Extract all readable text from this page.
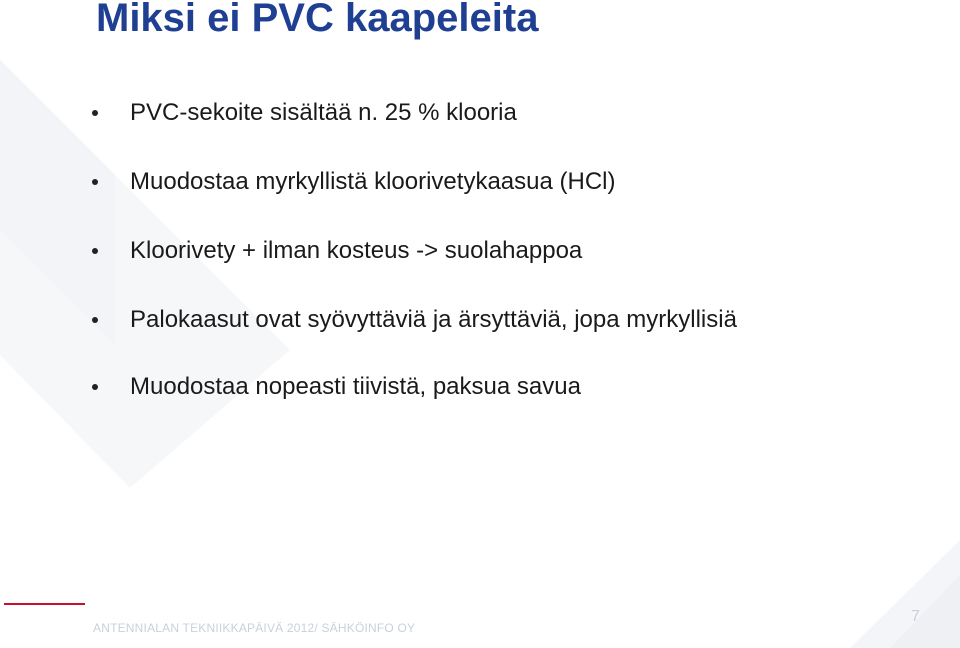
Miksi ei PVC kaapeleita
PVC-sekoite sisältää n. 25 % klooria
Muodostaa myrkyllistä kloorivetykaasua (HCl)
Kloorivety + ilman kosteus -> suolahappoa
Palokaasut ovat syövyttäviä ja ärsyttäviä, jopa myrkyllisiä
Muodostaa nopeasti tiivistä, paksua savua
ANTENNIALAN TEKNIIKKAPÄIVÄ 2012/ SÄHKÖINFO OY
7
